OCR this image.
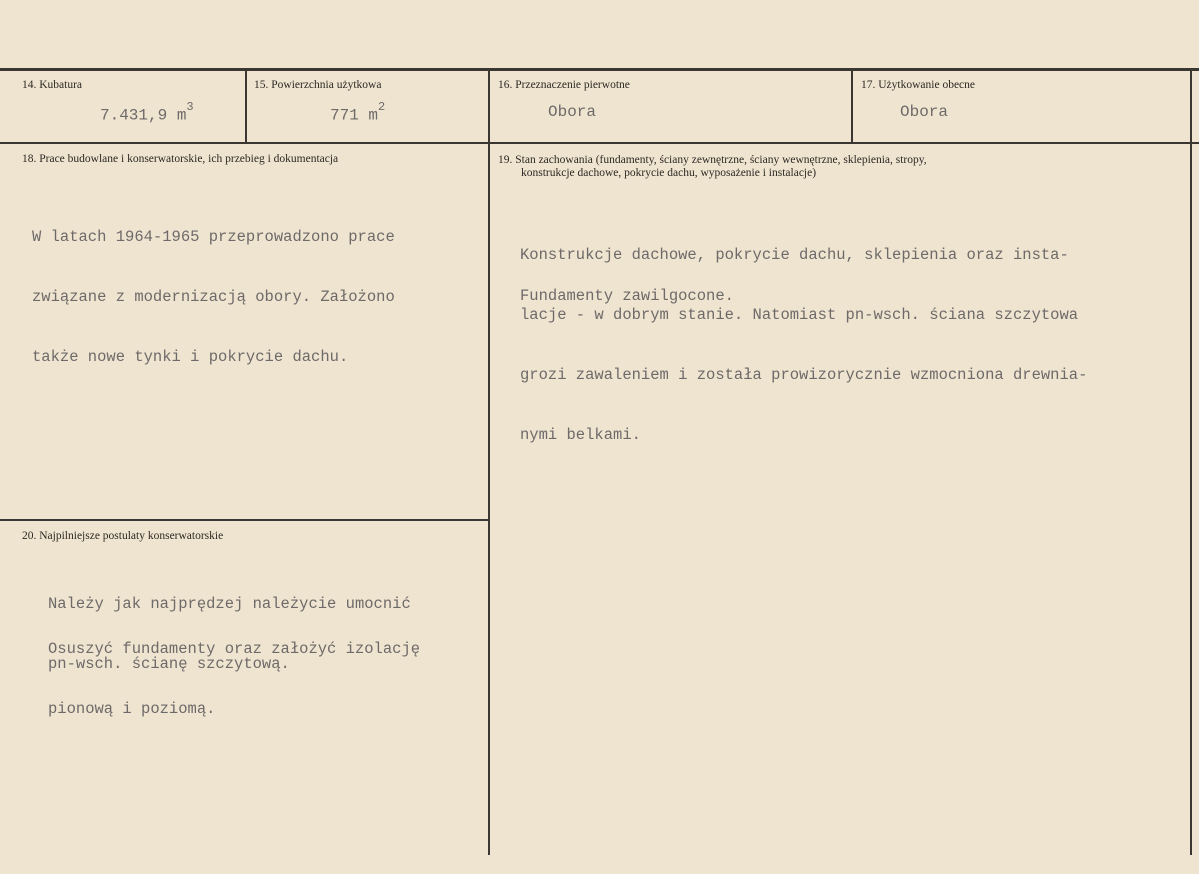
14. Kubatura
7.431,9 $m^3$
15. Powierzchnia użytkowa
771 $m^2$
16. Przeznaczenie pierwotne
Obora
17. Użytkowanie obecne
Obora
18. Prace budowlane i konserwatorskie, ich przebieg i dokumentacja

W latach 1964-1965 przeprowadzono prace

związane z modernizacją obory. Założono

także nowe tynki i pokrycie dachu.

19. Stan zachowania (fundamenty, ściany zewnętrzne, ściany wewnętrzne, sklepienia, stropy,
konstrukcje dachowe, pokrycie dachu, wyposażenie i instalacje)

Konstrukcje dachowe, pokrycie dachu, sklepienia oraz insta-

lacje - w dobrym stanie. Natomiast pn-wsch. ściana szczytowa

grozi zawaleniem i została prowizorycznie wzmocniona drewnia-

nymi belkami.

Fundamenty zawilgocone.
20. Najpilniejsze postulaty konserwatorskie

Należy jak najprędzej należycie umocnić

pn-wsch. ścianę szczytową.

Osuszyć fundamenty oraz założyć izolację

pionową i poziomą.
